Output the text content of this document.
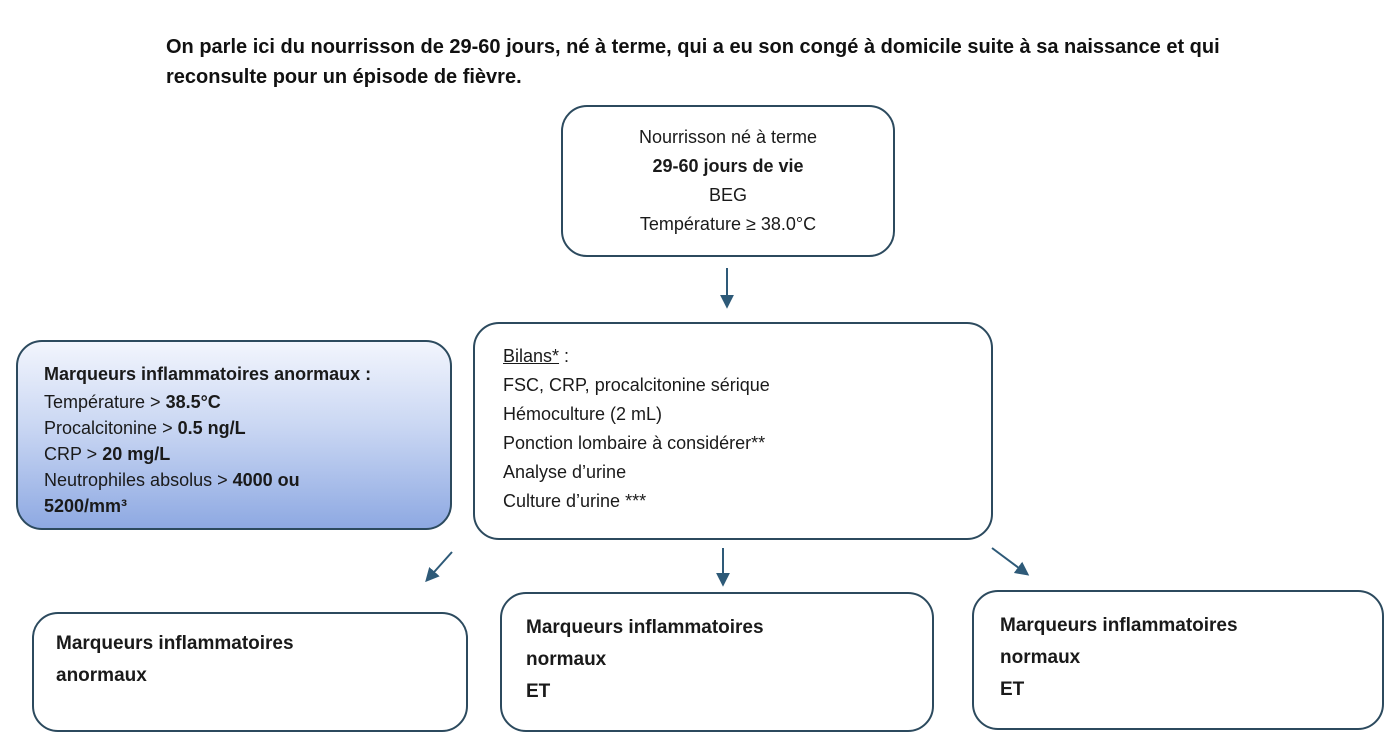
On parle ici du nourrisson de 29-60 jours, né à terme, qui a eu son congé à domicile suite à sa naissance et qui reconsulte pour un épisode de fièvre.

Nourrisson né à terme
29-60 jours de vie
BEG
Température ≥ 38.0°C
Bilans* :
FSC, CRP, procalcitonine sérique
Hémoculture (2 mL)
Ponction lombaire à considérer**
Analyse d’urine
Culture d’urine ***
Marqueurs inflammatoires anormaux :
Température > 38.5°C
Procalcitonine > 0.5 ng/L
CRP > 20 mg/L
Neutrophiles absolus > 4000 ou
5200/mm³
Marqueurs inflammatoires
anormaux
Marqueurs inflammatoires
normaux
ET
Marqueurs inflammatoires
normaux
ET
